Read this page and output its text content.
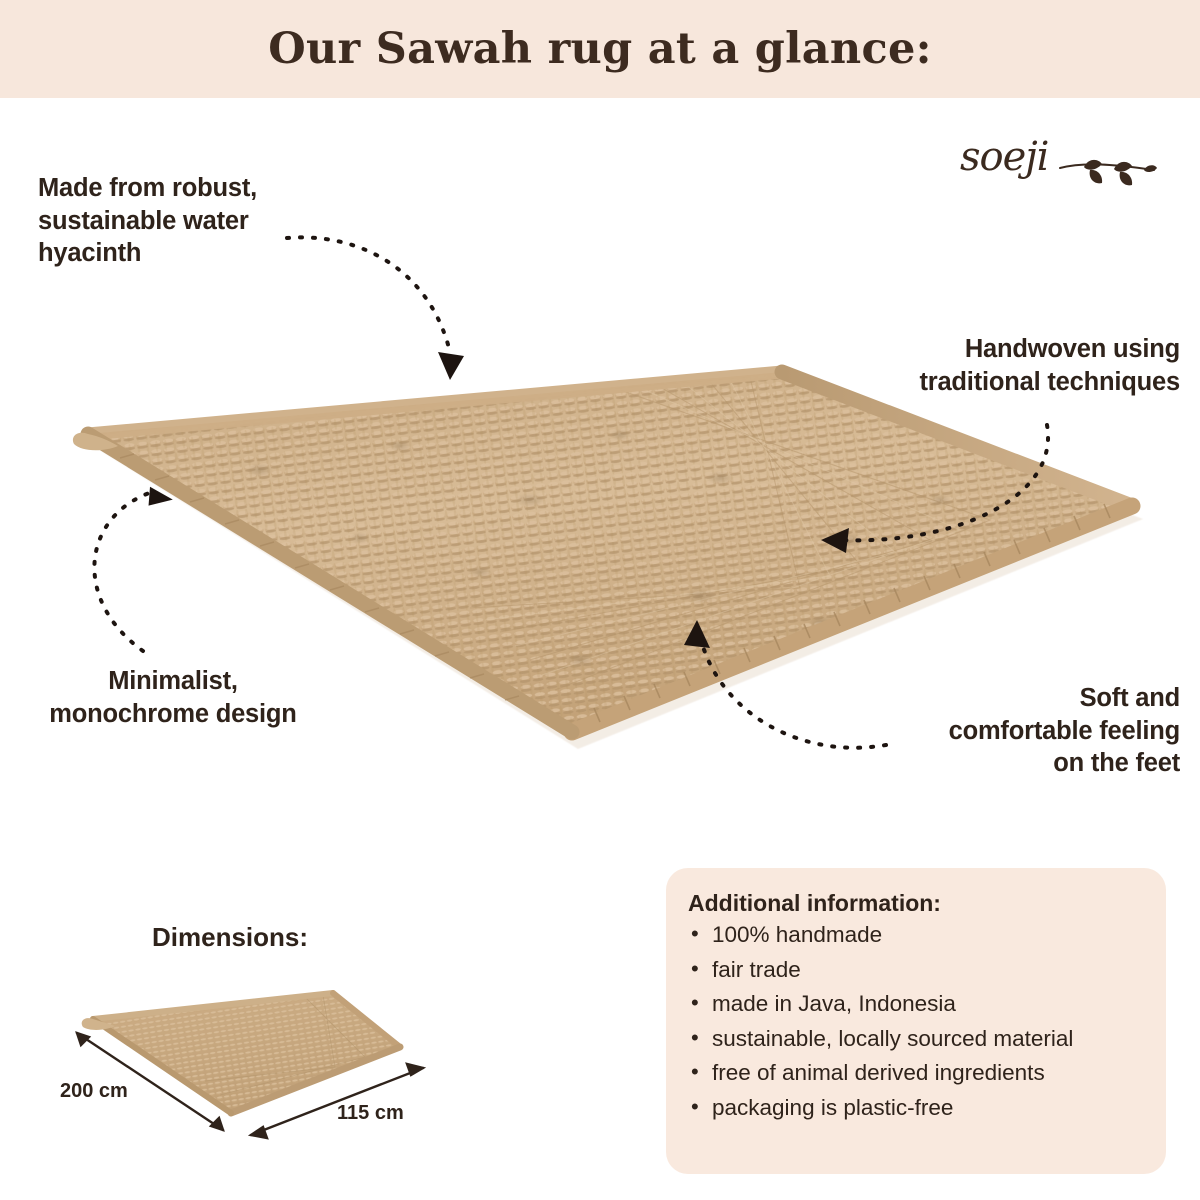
Our Sawah rug at a glance:
soeji
Made from robust,
sustainable water
hyacinth
Minimalist,
monochrome design
Handwoven using
traditional techniques
Soft and
comfortable feeling
on the feet
Dimensions:
200 cm
115 cm
Additional information:
• 100% handmade
• fair trade
• made in Java, Indonesia
• sustainable, locally sourced material
• free of animal derived ingredients
• packaging is plastic-free
